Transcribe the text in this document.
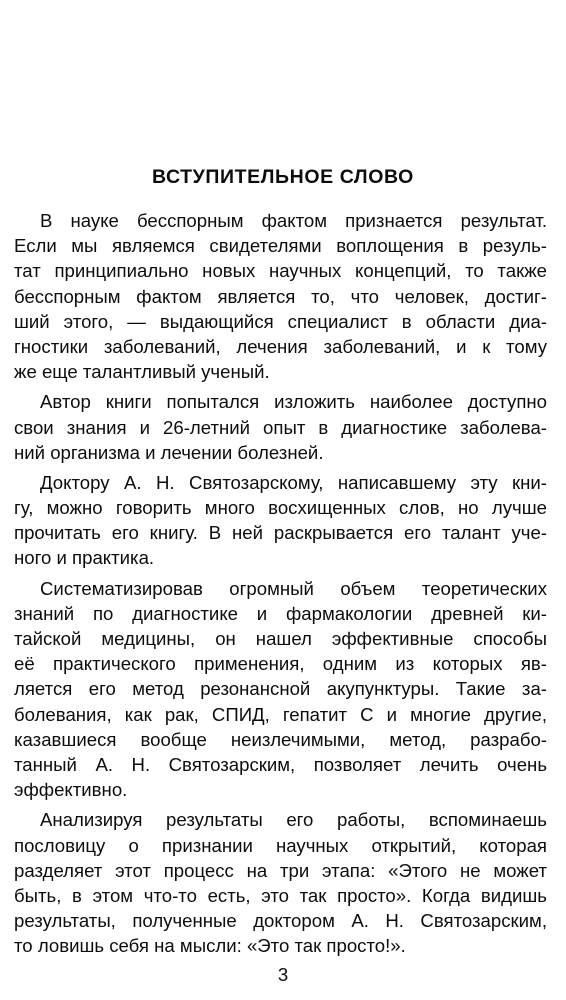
ВСТУПИТЕЛЬНОЕ СЛОВО
В науке бесспорным фактом признается результат.
Если мы являемся свидетелями воплощения в резуль-
тат принципиально новых научных концепций, то также
бесспорным фактом является то, что человек, достиг-
ший этого, — выдающийся специалист в области диа-
гностики заболеваний, лечения заболеваний, и к тому
же еще талантливый ученый.
Автор книги попытался изложить наиболее доступно
свои знания и 26-летний опыт в диагностике заболева-
ний организма и лечении болезней.
Доктору А. Н. Святозарскому, написавшему эту кни-
гу, можно говорить много восхищенных слов, но лучше
прочитать его книгу. В ней раскрывается его талант уче-
ного и практика.
Систематизировав огромный объем теоретических
знаний по диагностике и фармакологии древней ки-
тайской медицины, он нашел эффективные способы
её практического применения, одним из которых яв-
ляется его метод резонансной акупунктуры. Такие за-
болевания, как рак, СПИД, гепатит С и многие другие,
казавшиеся вообще неизлечимыми, метод, разрабо-
танный А. Н. Святозарским, позволяет лечить очень
эффективно.
Анализируя результаты его работы, вспоминаешь
пословицу о признании научных открытий, которая
разделяет этот процесс на три этапа: «Этого не может
быть, в этом что-то есть, это так просто». Когда видишь
результаты, полученные доктором А. Н. Святозарским,
то ловишь себя на мысли: «Это так просто!».
3
